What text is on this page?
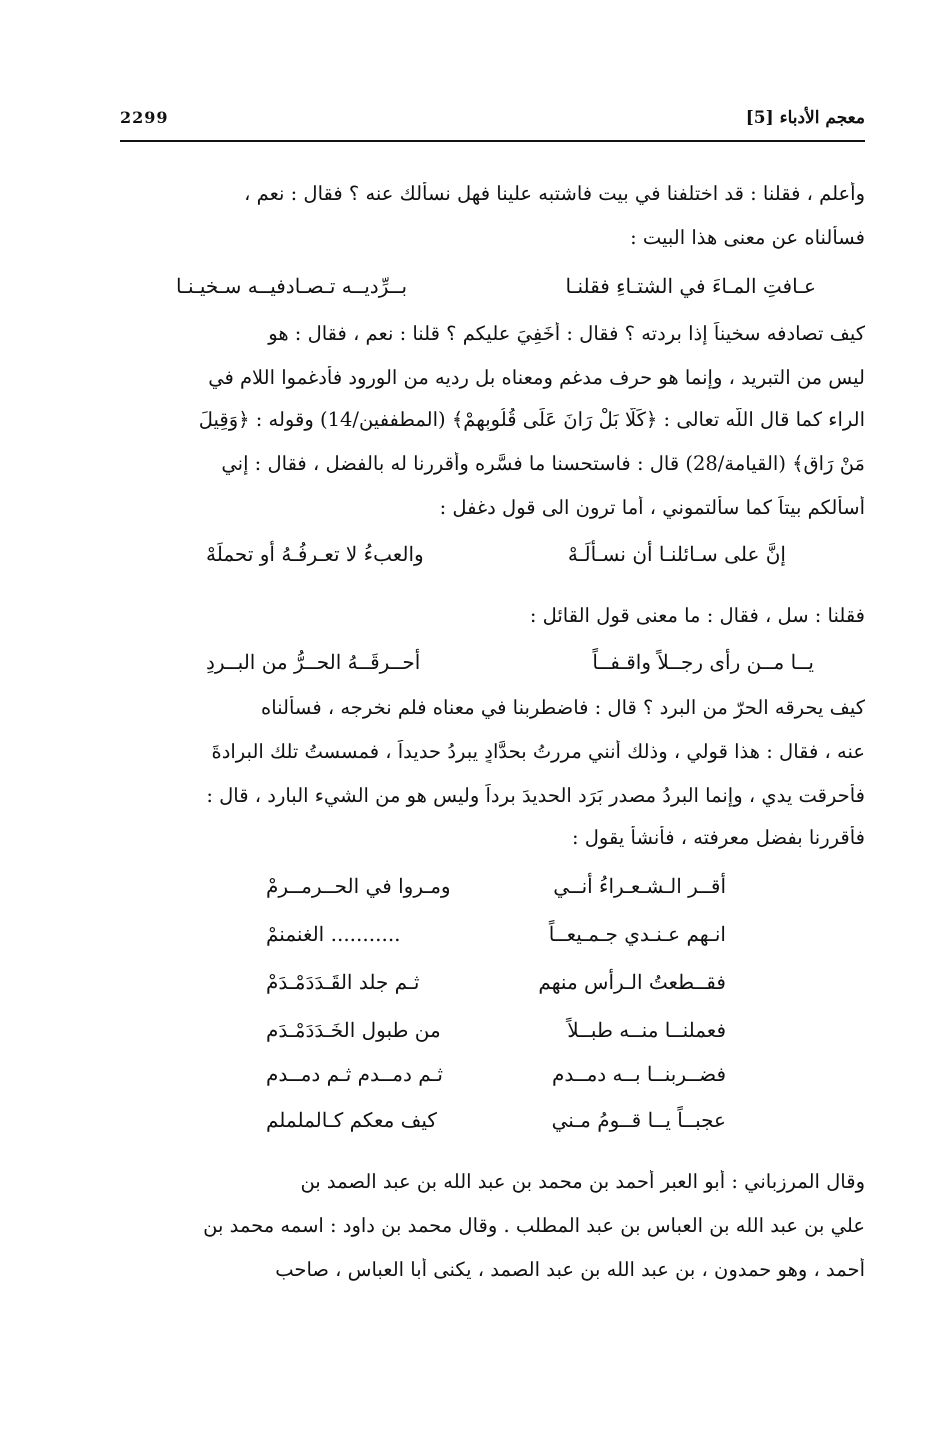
معجم الأدباء [5]
2299
وأعلم ، فقلنا : قد اختلفنا في بيت فاشتبه علينا فهل نسألك عنه ؟ فقال : نعم ،
فسألناه عن معنى هذا البيت :
عـافتِ المـاءَ في الشتـاءِ فقلنـا
بــرِّديــه تـصـادفيــه سـخيـنـا
كيف تصادفه سخيناً إذا بردته ؟ فقال : أَخَفِيَ عليكم ؟ قلنا : نعم ، فقال : هو
ليس من التبريد ، وإنما هو حرف مدغم ومعناه بل رِديه من الورود فأدغموا اللام في
الراء كما قال اللّه تعالى : ﴿كَلَّا بَلْ رَانَ عَلَى قُلُوبِهِمْ﴾ (المطففين/14) وقوله : ﴿وَقِيلَ
مَنْ رَاقٍ﴾ (القيامة/28) قال : فاستحسنا ما فسَّره وأقررنا له بالفضل ، فقال : إني
أسألكم بيتاً كما سألتموني ، أما ترون الى قول دغفل :
إنَّ على سـائلنـا أن نسـألَـهْ
والعبءُ لا تعـرفُـهُ أو تحملَهْ
فقلنا : سل ، فقال : ما معنى قول القائل :
يــا مــن رأى رجــلاً واقـفــاً
أحــرقَــهُ الحــرُّ من البــردِ
كيف يحرقه الحرّ من البرد ؟ قال : فاضطربنا في معناه فلم نخرجه ، فسألناه
عنه ، فقال : هذا قولي ، وذلك أنني مررتُ بحدَّادٍ يبردُ حديداً ، فمسستُ تلك البرادةَ
فأحرقت يدي ، وإنما البردُ مصدر بَرَد الحديدَ برداً وليس هو من الشيء البارد ، قال :
فأقررنا بفضل معرفته ، فأنشأ يقول :
أقــر الـشـعـراءُ أنــي
ومـروا في الحــرمــرمْ
انـهم عـنـدي جـمـيعــاً
........... الغنمنمْ
فقــطعتُ الـرأس منهم
ثـم جلد القَـدَدَمْـدَمْ
فعملنــا منــه طبــلاً
من طبول الخَـدَدَمْـدَم
فضــربنــا بــه دمــدم
ثـم دمــدم ثـم دمــدم
عجبــاً يــا قــومُ مـني
كيف معكم كـالململم
وقال المرزباني : أبو العبر أحمد بن محمد بن عبد الله بن عبد الصمد بن
علي بن عبد الله بن العباس بن عبد المطلب . وقال محمد بن داود : اسمه محمد بن
أحمد ، وهو حمدون ، بن عبد الله بن عبد الصمد ، يكنى أبا العباس ، صاحب
